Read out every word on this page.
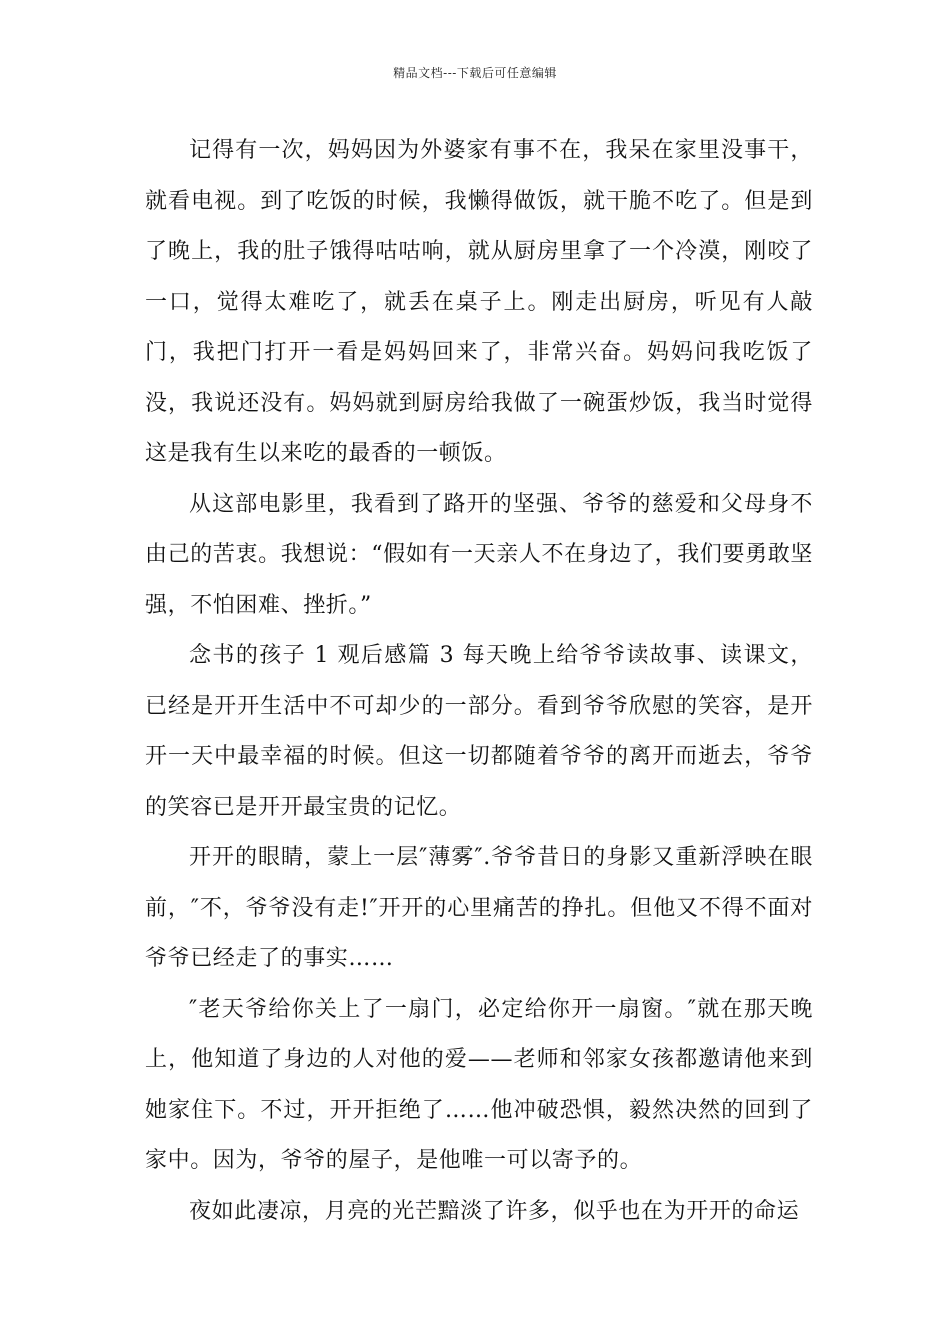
精品文档---下载后可任意编辑

记得有一次，妈妈因为外婆家有事不在，我呆在家里没事干，就看电视。到了吃饭的时候，我懒得做饭，就干脆不吃了。但是到了晚上，我的肚子饿得咕咕响，就从厨房里拿了一个冷漠，刚咬了一口，觉得太难吃了，就丢在桌子上。刚走出厨房，听见有人敲门，我把门打开一看是妈妈回来了，非常兴奋。妈妈问我吃饭了没，我说还没有。妈妈就到厨房给我做了一碗蛋炒饭，我当时觉得这是我有生以来吃的最香的一顿饭。

从这部电影里，我看到了路开的坚强、爷爷的慈爱和父母身不由己的苦衷。我想说：“假如有一天亲人不在身边了，我们要勇敢坚强，不怕困难、挫折。”

念书的孩子 1 观后感篇 3 每天晚上给爷爷读故事、读课文，已经是开开生活中不可却少的一部分。看到爷爷欣慰的笑容，是开开一天中最幸福的时候。但这一切都随着爷爷的离开而逝去，爷爷的笑容已是开开最宝贵的记忆。

开开的眼睛，蒙上一层″薄雾″.爷爷昔日的身影又重新浮映在眼前，″不，爷爷没有走!″开开的心里痛苦的挣扎。但他又不得不面对爷爷已经走了的事实……

″老天爷给你关上了一扇门，必定给你开一扇窗。″就在那天晚上，他知道了身边的人对他的爱——老师和邻家女孩都邀请他来到她家住下。不过，开开拒绝了……他冲破恐惧，毅然决然的回到了家中。因为，爷爷的屋子，是他唯一可以寄予的。

夜如此凄凉，月亮的光芒黯淡了许多，似乎也在为开开的命运
